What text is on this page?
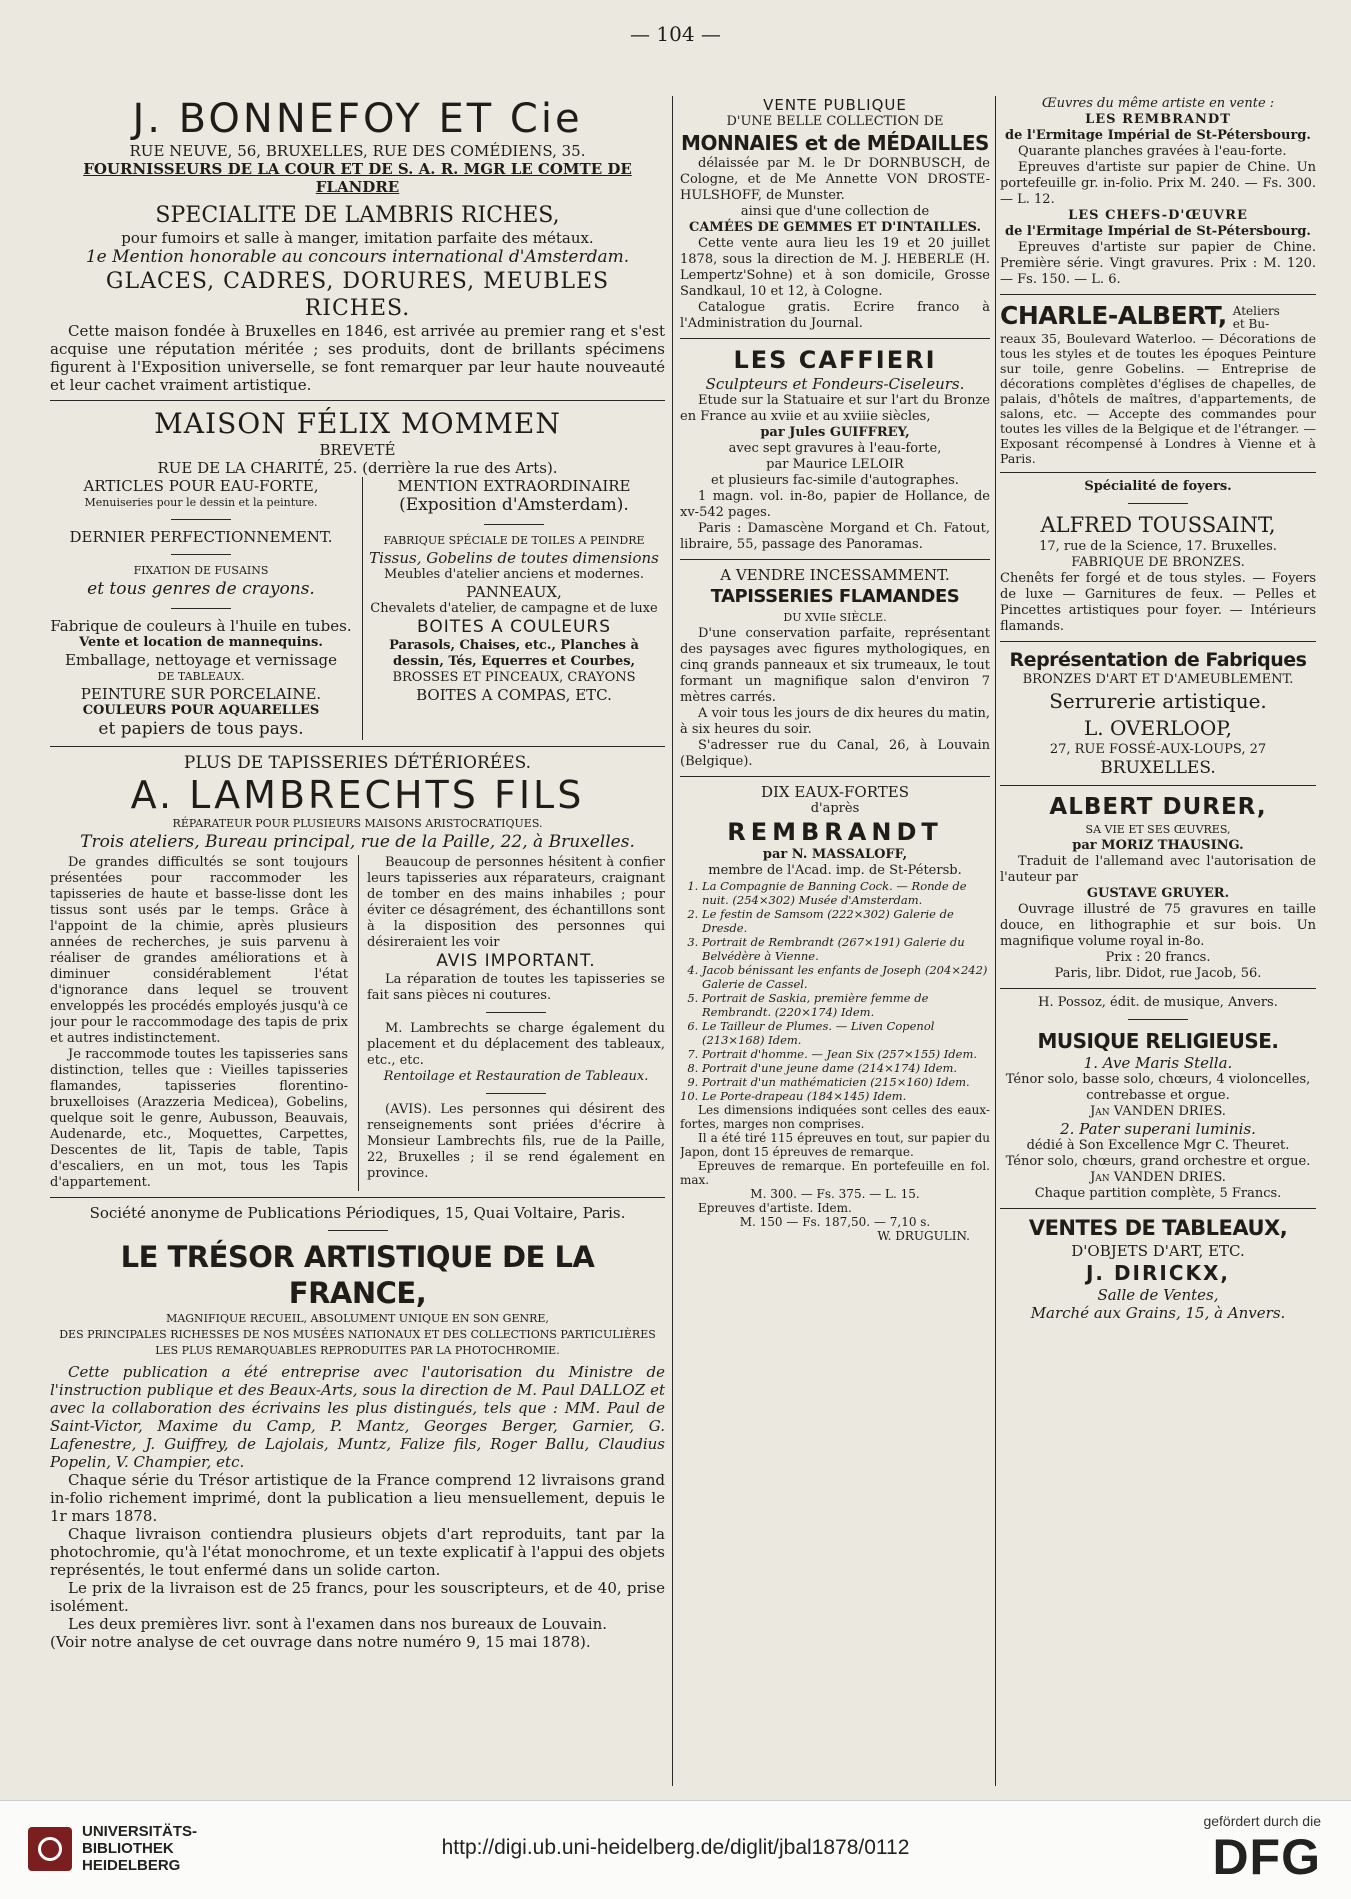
— 104 —
J. BONNEFOY ET Cie
RUE NEUVE, 56, BRUXELLES, RUE DES COMÉDIENS, 35.
FOURNISSEURS DE LA COUR ET DE S. A. R. MGR LE COMTE DE FLANDRE
SPECIALITE DE LAMBRIS RICHES,
pour fumoirs et salle à manger, imitation parfaite des métaux.
1e Mention honorable au concours international d'Amsterdam.
GLACES, CADRES, DORURES, MEUBLES RICHES.

Cette maison fondée à Bruxelles en 1846, est arrivée au premier rang et s'est acquise une réputation méritée ; ses produits, dont de brillants spécimens figurent à l'Exposition universelle, se font remarquer par leur haute nouveauté et leur cachet vraiment artistique.

MAISON FÉLIX MOMMEN
BREVETÉ
RUE DE LA CHARITÉ, 25. (derrière la rue des Arts).
ARTICLES POUR EAU-FORTE,
Menuiseries pour le dessin et la peinture.
DERNIER PERFECTIONNEMENT.
FIXATION DE FUSAINS
et tous genres de crayons.
Fabrique de couleurs à l'huile en tubes.
Vente et location de mannequins.
Emballage, nettoyage et vernissage
DE TABLEAUX.
PEINTURE SUR PORCELAINE.
COULEURS POUR AQUARELLES
et papiers de tous pays.
MENTION EXTRAORDINAIRE
(Exposition d'Amsterdam).
FABRIQUE SPÉCIALE DE TOILES A PEINDRE
Tissus, Gobelins de toutes dimensions
Meubles d'atelier anciens et modernes.
PANNEAUX,
Chevalets d'atelier, de campagne et de luxe
BOITES A COULEURS
Parasols, Chaises, etc., Planches à dessin, Tés, Equerres et Courbes,
BROSSES ET PINCEAUX, CRAYONS
BOITES A COMPAS, ETC.
PLUS DE TAPISSERIES DÉTÉRIORÉES.
A. LAMBRECHTS FILS
RÉPARATEUR POUR PLUSIEURS MAISONS ARISTOCRATIQUES.
Trois ateliers, Bureau principal, rue de la Paille, 22, à Bruxelles.

De grandes difficultés se sont toujours présentées pour raccommoder les tapisseries de haute et basse-lisse dont les tissus sont usés par le temps. Grâce à l'appoint de la chimie, après plusieurs années de recherches, je suis parvenu à réaliser de grandes améliorations et à diminuer considérablement l'état d'ignorance dans lequel se trouvent enveloppés les procédés employés jusqu'à ce jour pour le raccommodage des tapis de prix et autres indistinctement.

Je raccommode toutes les tapisseries sans distinction, telles que : Vieilles tapisseries flamandes, tapisseries florentino-bruxelloises (Arazzeria Medicea), Gobelins, quelque soit le genre, Aubusson, Beauvais, Audenarde, etc., Moquettes, Carpettes, Descentes de lit, Tapis de table, Tapis d'escaliers, en un mot, tous les Tapis d'appartement.

Beaucoup de personnes hésitent à confier leurs tapisseries aux réparateurs, craignant de tomber en des mains inhabiles ; pour éviter ce désagrément, des échantillons sont à la disposition des personnes qui désireraient les voir

AVIS IMPORTANT.

La réparation de toutes les tapisseries se fait sans pièces ni coutures.

M. Lambrechts se charge également du placement et du déplacement des tableaux, etc., etc.

Rentoilage et Restauration de Tableaux.

(AVIS). Les personnes qui désirent des renseignements sont priées d'écrire à Monsieur Lambrechts fils, rue de la Paille, 22, Bruxelles ; il se rend également en province.

Société anonyme de Publications Périodiques, 15, Quai Voltaire, Paris.
LE TRÉSOR ARTISTIQUE DE LA FRANCE,
MAGNIFIQUE RECUEIL, ABSOLUMENT UNIQUE EN SON GENRE,
DES PRINCIPALES RICHESSES DE NOS MUSÉES NATIONAUX ET DES COLLECTIONS PARTICULIÈRES LES PLUS REMARQUABLES REPRODUITES PAR LA PHOTOCHROMIE.

Cette publication a été entreprise avec l'autorisation du Ministre de l'instruction publique et des Beaux-Arts, sous la direction de M. Paul DALLOZ et avec la collaboration des écrivains les plus distingués, tels que : MM. Paul de Saint-Victor, Maxime du Camp, P. Mantz, Georges Berger, Garnier, G. Lafenestre, J. Guiffrey, de Lajolais, Muntz, Falize fils, Roger Ballu, Claudius Popelin, V. Champier, etc.

Chaque série du Trésor artistique de la France comprend 12 livraisons grand in-folio richement imprimé, dont la publication a lieu mensuellement, depuis le 1r mars 1878.

Chaque livraison contiendra plusieurs objets d'art reproduits, tant par la photochromie, qu'à l'état monochrome, et un texte explicatif à l'appui des objets représentés, le tout enfermé dans un solide carton.

Le prix de la livraison est de 25 francs, pour les souscripteurs, et de 40, prise isolément.

Les deux premières livr. sont à l'examen dans nos bureaux de Louvain.

(Voir notre analyse de cet ouvrage dans notre numéro 9, 15 mai 1878).

VENTE PUBLIQUE
D'UNE BELLE COLLECTION DE
MONNAIES et de MÉDAILLES

délaissée par M. le Dr DORNBUSCH, de Cologne, et de Me Annette VON DROSTE-HULSHOFF, de Munster.

ainsi que d'une collection de
CAMÉES DE GEMMES ET D'INTAILLES.

Cette vente aura lieu les 19 et 20 juillet 1878, sous la direction de M. J. HEBERLE (H. Lempertz'Sohne) et à son domicile, Grosse Sandkaul, 10 et 12, à Cologne.

Catalogue gratis. Ecrire franco à l'Administration du Journal.

LES CAFFIERI
Sculpteurs et Fondeurs-Ciseleurs.

Etude sur la Statuaire et sur l'art du Bronze en France au xviie et au xviiie siècles,

par Jules GUIFFREY,
avec sept gravures à l'eau-forte,
par Maurice LELOIR
et plusieurs fac-simile d'autographes.

1 magn. vol. in-8o, papier de Hollance, de xv-542 pages.

Paris : Damascène Morgand et Ch. Fatout, libraire, 55, passage des Panoramas.

A VENDRE INCESSAMMENT.
TAPISSERIES FLAMANDES
DU XVIIe SIÈCLE.

D'une conservation parfaite, représentant des paysages avec figures mythologiques, en cinq grands panneaux et six trumeaux, le tout formant un magnifique salon d'environ 7 mètres carrés.

A voir tous les jours de dix heures du matin, à six heures du soir.

S'adresser rue du Canal, 26, à Louvain (Belgique).

DIX EAUX-FORTES
d'après
REMBRANDT
par N. MASSALOFF,
membre de l'Acad. imp. de St-Pétersb.
1. La Compagnie de Banning Cock. — Ronde de nuit. (254×302) Musée d'Amsterdam.
2. Le festin de Samsom (222×302) Galerie de Dresde.
3. Portrait de Rembrandt (267×191) Galerie du Belvédère à Vienne.
4. Jacob bénissant les enfants de Joseph (204×242) Galerie de Cassel.
5. Portrait de Saskia, première femme de Rembrandt. (220×174) Idem.
6. Le Tailleur de Plumes. — Liven Copenol (213×168) Idem.
7. Portrait d'homme. — Jean Six (257×155) Idem.
8. Portrait d'une jeune dame (214×174) Idem.
9. Portrait d'un mathématicien (215×160) Idem.
10. Le Porte-drapeau (184×145) Idem.

Les dimensions indiquées sont celles des eaux-fortes, marges non comprises.

Il a été tiré 115 épreuves en tout, sur papier du Japon, dont 15 épreuves de remarque.

Epreuves de remarque. En portefeuille en fol. max.

M. 300. — Fs. 375. — L. 15.

Epreuves d'artiste. Idem.

M. 150 — Fs. 187,50. — 7,10 s.
W. DRUGULIN.
Œuvres du même artiste en vente :
LES REMBRANDT
de l'Ermitage Impérial de St-Pétersbourg.

Quarante planches gravées à l'eau-forte.

Epreuves d'artiste sur papier de Chine. Un portefeuille gr. in-folio. Prix M. 240. — Fs. 300. — L. 12.

LES CHEFS-D'ŒUVRE
de l'Ermitage Impérial de St-Pétersbourg.

Epreuves d'artiste sur papier de Chine. Première série. Vingt gravures. Prix : M. 120. — Fs. 150. — L. 6.

CHARLE-ALBERT, Ateliers et Bu-

reaux 35, Boulevard Waterloo. — Décorations de tous les styles et de toutes les époques Peinture sur toile, genre Gobelins. — Entreprise de décorations complètes d'églises de chapelles, de palais, d'hôtels de maîtres, d'appartements, de salons, etc. — Accepte des commandes pour toutes les villes de la Belgique et de l'étranger. — Exposant récompensé à Londres à Vienne et à Paris.

Spécialité de foyers.
ALFRED TOUSSAINT,
17, rue de la Science, 17. Bruxelles.
FABRIQUE DE BRONZES.

Chenêts fer forgé et de tous styles. — Foyers de luxe — Garnitures de feux. — Pelles et Pincettes artistiques pour foyer. — Intérieurs flamands.

Représentation de Fabriques
BRONZES D'ART ET D'AMEUBLEMENT.
Serrurerie artistique.
L. OVERLOOP,
27, RUE FOSSÉ-AUX-LOUPS, 27
BRUXELLES.
ALBERT DURER,
SA VIE ET SES ŒUVRES,
par MORIZ THAUSING.

Traduit de l'allemand avec l'autorisation de l'auteur par

GUSTAVE GRUYER.

Ouvrage illustré de 75 gravures en taille douce, en lithographie et sur bois. Un magnifique volume royal in-8o.

Prix : 20 francs.
Paris, libr. Didot, rue Jacob, 56.
H. Possoz, édit. de musique, Anvers.
MUSIQUE RELIGIEUSE.
1. Ave Maris Stella.
Ténor solo, basse solo, chœurs, 4 violoncelles, contrebasse et orgue.
Jan VANDEN DRIES.
2. Pater superani luminis.
dédié à Son Excellence Mgr C. Theuret.
Ténor solo, chœurs, grand orchestre et orgue.
Jan VANDEN DRIES.
Chaque partition complète, 5 Francs.
VENTES DE TABLEAUX,
D'OBJETS D'ART, ETC.
J. DIRICKX,
Salle de Ventes,
Marché aux Grains, 15, à Anvers.
UNIVERSITÄTS-
BIBLIOTHEK
HEIDELBERG
http://digi.ub.uni-heidelberg.de/diglit/jbal1878/0112
gefördert durch die
DFG
